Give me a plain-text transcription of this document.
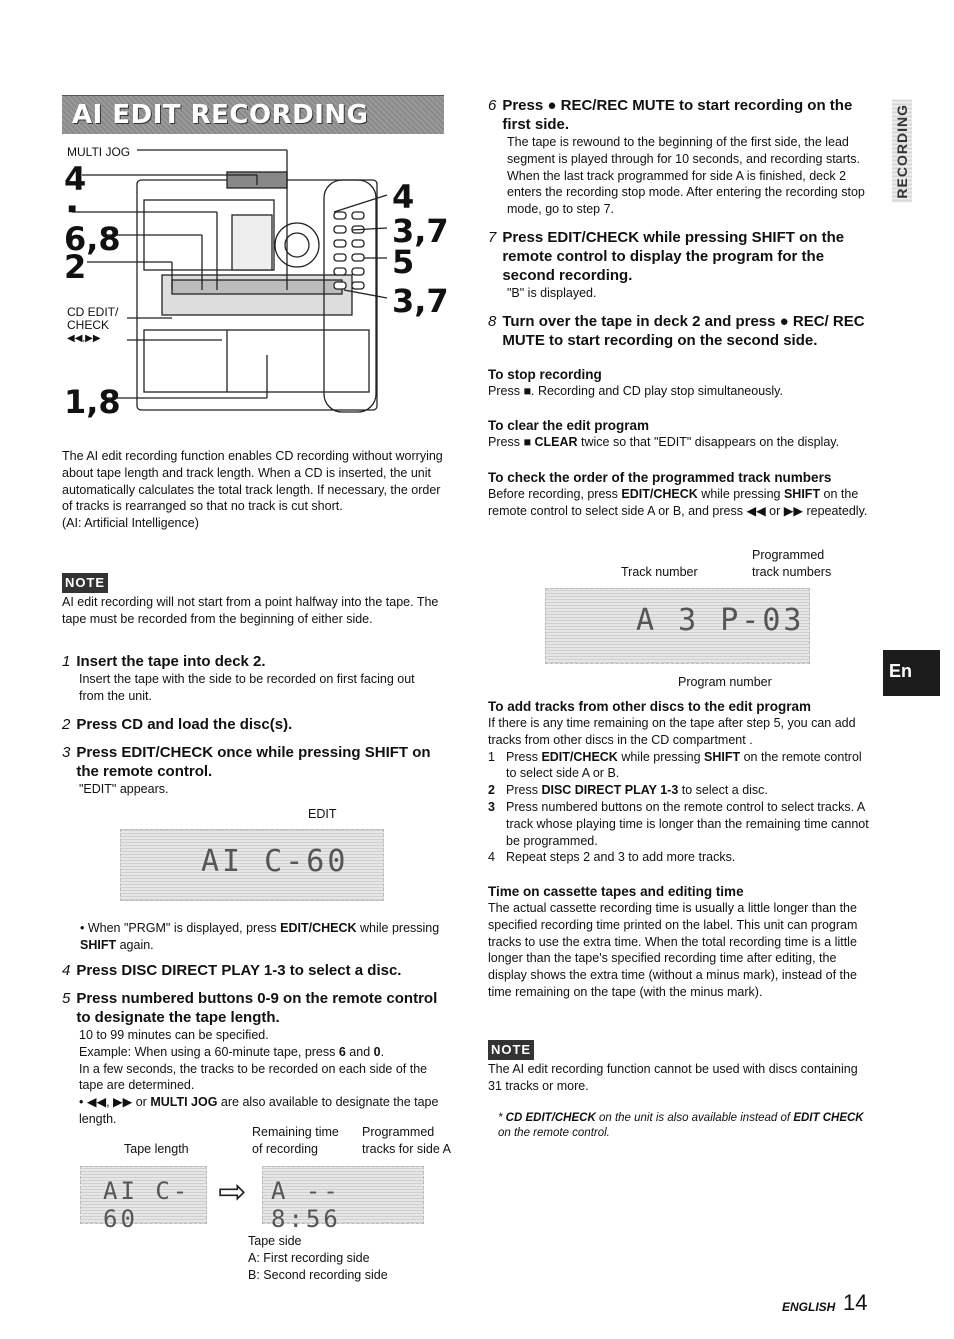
AI EDIT RECORDING	RECORDING
En
MULTI JOG
4
■
6,8
2
CD EDIT/
CHECK
◀◀,▶▶
1,8
4
3,7
5
3,7
The AI edit recording function enables CD recording without worrying about tape length and track length. When a CD is inserted, the unit automatically calculates the total track length. If necessary, the order of tracks is rearranged so that no track is cut short.
(AI: Artificial Intelligence)
NOTE
AI edit recording will not start from a point halfway into the tape. The tape must be recorded from the beginning of either side.
1 Insert the tape into deck 2.
Insert the tape with the side to be recorded on first facing out from the unit.
2 Press CD and load the disc(s).
3 Press EDIT/CHECK once while pressing SHIFT on the remote control.
"EDIT" appears.
EDIT
AI C-60
• When "PRGM" is displayed, press EDIT/CHECK while pressing SHIFT again.
4 Press DISC DIRECT PLAY 1-3 to select a disc.
5 Press numbered buttons 0-9 on the remote control to designate the tape length.
10 to 99 minutes can be specified.
Example: When using a 60-minute tape, press 6 and 0.
In a few seconds, the tracks to be recorded on each side of the tape are determined.
• ◀◀, ▶▶ or MULTI JOG are also available to designate the tape length.
Tape length
Remaining time of recording
Programmed tracks for side A
AI C-60
⇨ A -- 8:56
Tape side
A: First recording side
B: Second recording side
6 Press ● REC/REC MUTE to start recording on the first side.
The tape is rewound to the beginning of the first side, the lead segment is played through for 10 seconds, and recording starts. When the last track programmed for side A is finished, deck 2 enters the recording stop mode. After entering the recording stop mode, go to step 7.
7 Press EDIT/CHECK while pressing SHIFT on the remote control to display the program for the second recording.
"B" is displayed.
8 Turn over the tape in deck 2 and press ● REC/ REC MUTE to start recording on the second side.
To stop recording
Press ■. Recording and CD play stop simultaneously.
To clear the edit program
Press ■ CLEAR twice so that "EDIT" disappears on the display.
To check the order of the programmed track numbers
Before recording, press EDIT/CHECK while pressing SHIFT on the remote control to select side A or B, and press ◀◀ or ▶▶ repeatedly.
Programmed
track numbers
Track number
A 3 P-03
Program number
To add tracks from other discs to the edit program
If there is any time remaining on the tape after step 5, you can add tracks from other discs in the CD compartment .
1 Press EDIT/CHECK while pressing SHIFT on the remote control to select side A or B.
2 Press DISC DIRECT PLAY 1-3 to select a disc.
3 Press numbered buttons on the remote control to select tracks. A track whose playing time is longer than the remaining time cannot be programmed.
4 Repeat steps 2 and 3 to add more tracks.
Time on cassette tapes and editing time
The actual cassette recording time is usually a little longer than the specified recording time printed on the label. This unit can program tracks to use the extra time. When the total recording time is a little longer than the tape's specified recording time after editing, the display shows the extra time (without a minus mark), instead of the time remaining on the tape (with the minus mark).
NOTE
The AI edit recording function cannot be used with discs containing 31 tracks or more.
* CD EDIT/CHECK on the unit is also available instead of EDIT CHECK on the remote control.
ENGLISH 14
